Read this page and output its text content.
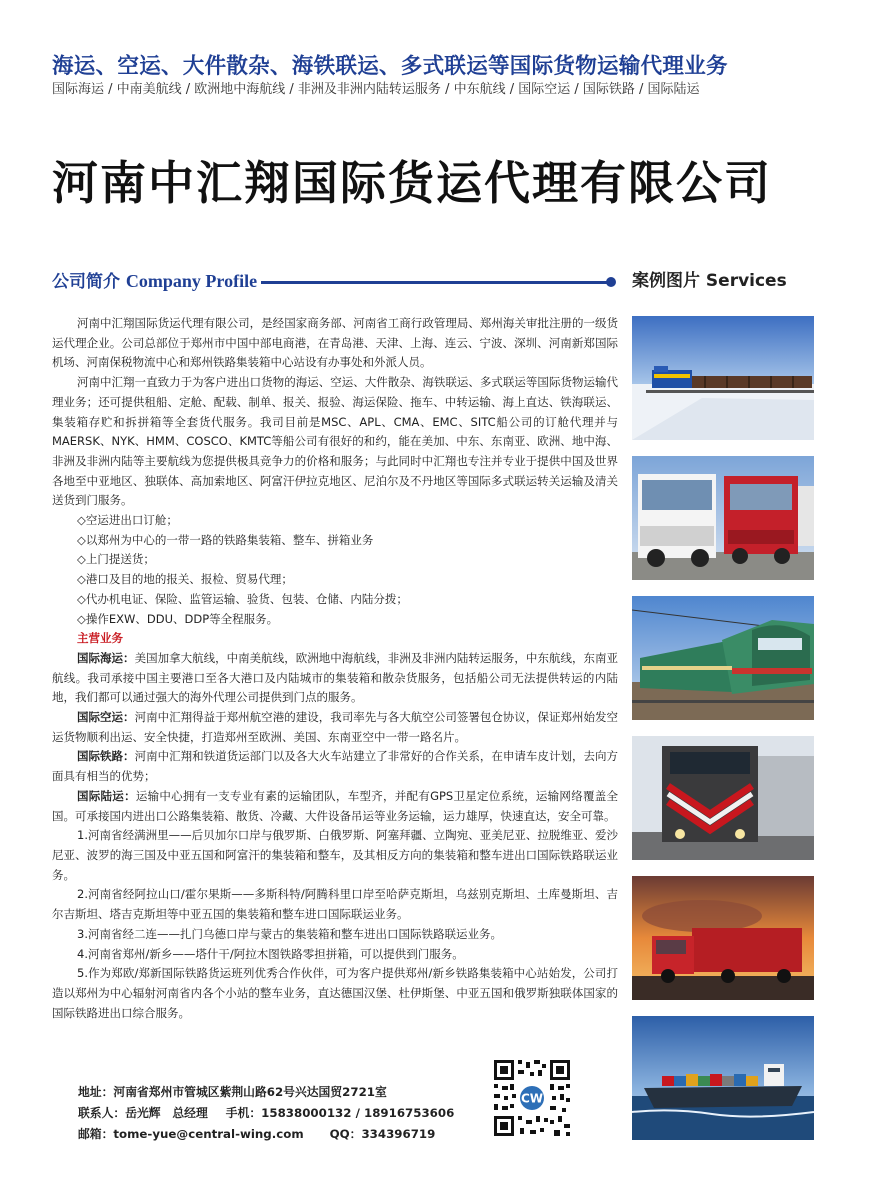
海运、空运、大件散杂、海铁联运、多式联运等国际货物运输代理业务
国际海运 / 中南美航线 / 欧洲地中海航线 / 非洲及非洲内陆转运服务 / 中东航线 / 国际空运 / 国际铁路 / 国际陆运
河南中汇翔国际货运代理有限公司
公司简介 Company Profile	案例图片 Services

河南中汇翔国际货运代理有限公司，是经国家商务部、河南省工商行政管理局、郑州海关审批注册的一级货运代理企业。公司总部位于郑州市中国中部电商港，在青岛港、天津、上海、连云、宁波、深圳、河南新郑国际机场、河南保税物流中心和郑州铁路集装箱中心站设有办事处和外派人员。

河南中汇翔一直致力于为客户进出口货物的海运、空运、大件散杂、海铁联运、多式联运等国际货物运输代理业务；还可提供租船、定舱、配载、制单、报关、报验、海运保险、拖车、中转运输、海上直达、铁海联运、集装箱存贮和拆拼箱等全套货代服务。我司目前是MSC、APL、CMA、EMC、SITC船公司的订舱代理并与MAERSK、NYK、HMM、COSCO、KMTC等船公司有很好的和约，能在美加、中东、东南亚、欧洲、地中海、非洲及非洲内陆等主要航线为您提供极具竞争力的价格和服务；与此同时中汇翔也专注并专业于提供中国及世界各地至中亚地区、独联体、高加索地区、阿富汗伊拉克地区、尼泊尔及不丹地区等国际多式联运转关运输及清关送货到门服务。

◇空运进出口订舱；

◇以郑州为中心的一带一路的铁路集装箱、整车、拼箱业务

◇上门提送货；

◇港口及目的地的报关、报检、贸易代理；

◇代办机电证、保险、监管运输、验货、包装、仓储、内陆分拨；

◇操作EXW、DDU、DDP等全程服务。

主营业务

国际海运：美国加拿大航线，中南美航线，欧洲地中海航线，非洲及非洲内陆转运服务，中东航线，东南亚航线。我司承接中国主要港口至各大港口及内陆城市的集装箱和散杂货服务，包括船公司无法提供转运的内陆地，我们都可以通过强大的海外代理公司提供到门点的服务。

国际空运：河南中汇翔得益于郑州航空港的建设，我司率先与各大航空公司签署包仓协议，保证郑州始发空运货物顺利出运、安全快捷，打造郑州至欧洲、美国、东南亚空中一带一路名片。

国际铁路：河南中汇翔和铁道货运部门以及各大火车站建立了非常好的合作关系，在申请车皮计划，去向方面具有相当的优势；

国际陆运：运输中心拥有一支专业有素的运输团队，车型齐，并配有GPS卫星定位系统，运输网络覆盖全国。可承接国内进出口公路集装箱、散货、冷藏、大件设备吊运等业务运输，运力雄厚，快速直达，安全可靠。

1.河南省经满洲里——后贝加尔口岸与俄罗斯、白俄罗斯、阿塞拜疆、立陶宛、亚美尼亚、拉脱维亚、爱沙尼亚、波罗的海三国及中亚五国和阿富汗的集装箱和整车，及其相反方向的集装箱和整车进出口国际铁路联运业务。

2.河南省经阿拉山口/霍尔果斯——多斯科特/阿腾科里口岸至哈萨克斯坦，乌兹别克斯坦、土库曼斯坦、吉尔吉斯坦、塔吉克斯坦等中亚五国的集装箱和整车进口国际联运业务。

3.河南省经二连——扎门乌德口岸与蒙古的集装箱和整车进出口国际铁路联运业务。

4.河南省郑州/新乡——塔什干/阿拉木图铁路零担拼箱，可以提供到门服务。

5.作为郑欧/郑新国际铁路货运班列优秀合作伙伴，可为客户提供郑州/新乡铁路集装箱中心站始发，公司打造以郑州为中心辐射河南省内各个小站的整车业务，直达德国汉堡、杜伊斯堡、中亚五国和俄罗斯独联体国家的国际铁路进出口综合服务。

地址：河南省郑州市管城区紫荆山路62号兴达国贸2721室
联系人：岳光辉　总经理 手机：15838000132 / 18916753606
邮箱：tome-yue@central-wing.com QQ：334396719
CW
